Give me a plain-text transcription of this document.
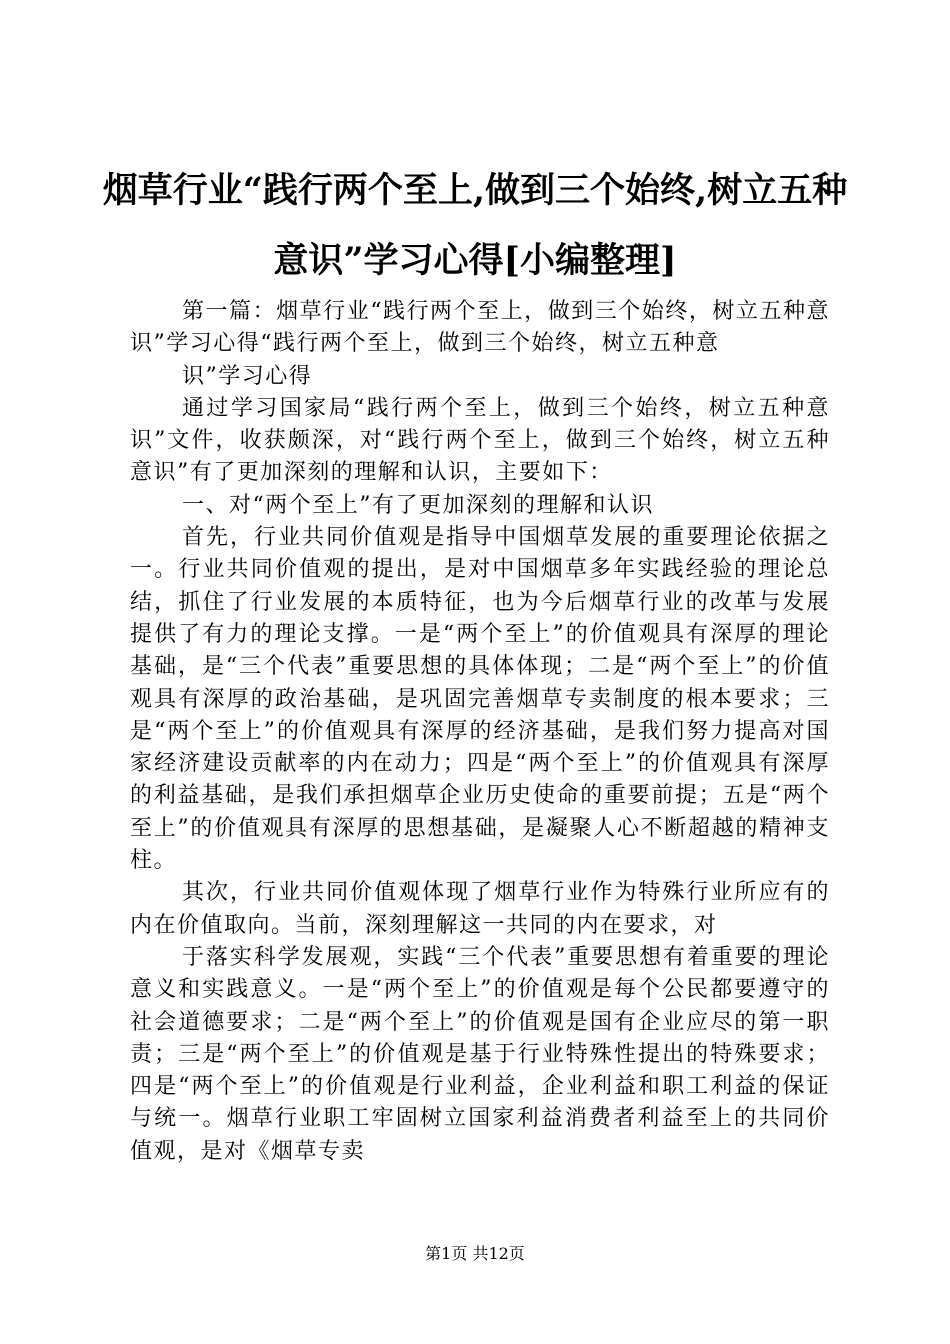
烟草行业“践行两个至上,做到三个始终,树立五种意识”学习心得[小编整理]

第一篇：烟草行业“践行两个至上，做到三个始终，树立五种意识”学习心得“践行两个至上，做到三个始终，树立五种意

识”学习心得

通过学习国家局“践行两个至上，做到三个始终，树立五种意识”文件，收获颇深，对“践行两个至上，做到三个始终，树立五种意识”有了更加深刻的理解和认识，主要如下：

一、对“两个至上”有了更加深刻的理解和认识

首先，行业共同价值观是指导中国烟草发展的重要理论依据之一。行业共同价值观的提出，是对中国烟草多年实践经验的理论总结，抓住了行业发展的本质特征，也为今后烟草行业的改革与发展提供了有力的理论支撑。一是“两个至上”的价值观具有深厚的理论基础，是“三个代表”重要思想的具体体现；二是“两个至上”的价值观具有深厚的政治基础，是巩固完善烟草专卖制度的根本要求；三是“两个至上”的价值观具有深厚的经济基础，是我们努力提高对国家经济建设贡献率的内在动力；四是“两个至上”的价值观具有深厚的利益基础，是我们承担烟草企业历史使命的重要前提；五是“两个至上”的价值观具有深厚的思想基础，是凝聚人心不断超越的精神支柱。

其次，行业共同价值观体现了烟草行业作为特殊行业所应有的内在价值取向。当前，深刻理解这一共同的内在要求，对

于落实科学发展观，实践“三个代表”重要思想有着重要的理论意义和实践意义。一是“两个至上”的价值观是每个公民都要遵守的社会道德要求；二是“两个至上”的价值观是国有企业应尽的第一职责；三是“两个至上”的价值观是基于行业特殊性提出的特殊要求；四是“两个至上”的价值观是行业利益，企业利益和职工利益的保证与统一。烟草行业职工牢固树立国家利益消费者利益至上的共同价值观，是对《烟草专卖

第1页 共12页
